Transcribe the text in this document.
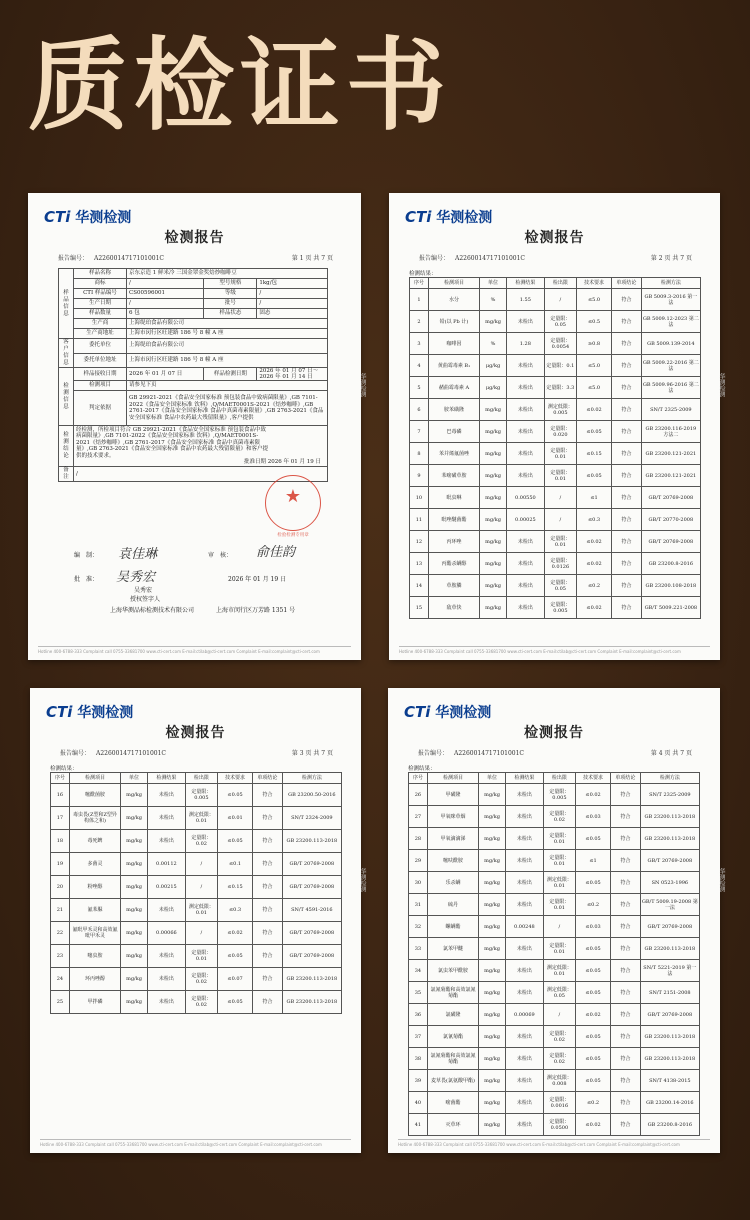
质检证书
CTi 华测检测
检测报告
报告编号： A2260014717101001C	第 1 页 共 7 页
样品信息	样品名称	京东京造 1 鲜米冷 三国金罩金奖焙炒咖啡豆		
	商标	/	型号规格	1kg/包
	CTI 样品编号	CS00596001	等级	/
	生产日期	/	批号	/
	样品数量	6 包	样品状态	固态
	生产商	上海缇珀食品有限公司		
	生产商地址	上海市闵行区旺建路 186 号 8 幢 A 座		
客户信息	委托单位	上海缇珀食品有限公司		
	委托单位地址	上海市闵行区旺建路 186 号 8 幢 A 座		
检测信息	样品接收日期	2026 年 01 月 07 日	样品检测日期	2026 年 01 月 07 日～2026 年 01 月 14 日
	检测项目	请参见下页		
	判定依据	GB 29921-2021《食品安全国家标准 预包装食品中致病菌限量》,GB 7101-2022《食品安全国家标准 饮料》,Q/MAET0001S-2021《焙炒咖啡》,GB 2761-2017《食品安全国家标准 食品中真菌毒素限量》,GB 2763-2021《食品安全国家标准 食品中农药最大残留限量》,客户提供		
检测结论	经检测，所检项目符合 GB 29921-2021《食品安全国家标准 预包装食品中致病菌限量》,GB 7101-2022《食品安全国家标准 饮料》,Q/MAET0001S-2021《焙炒咖啡》,GB 2761-2017《食品安全国家标准 食品中真菌毒素限量》,GB 2763-2021《食品安全国家标准 食品中农药最大残留限量》和客户提供的技术要求。
批准日期 2026 年 01 月 19 日			

备注	/			
★
检验检测专用章
编　制： 袁佳琳	审　核： 俞佳韵
批　准： 吴秀宏	2026 年 01 月 19 日
吴秀宏
授权签字人
上海华测品标检测技术有限公司	上海市闵行区万芳路 1351 号
华测检测
Hotline 400-6788-333 Complaint call 0755-33681700 www.cti-cert.com E-mail:ctilab@cti-cert.com Complaint E-mail:complaint@cti-cert.com
CTi 华测检测
检测报告
报告编号： A2260014717101001C	第 2 页 共 7 页
检测结果：
序号	检测项目	单位	检测结果	检出限	技术要求	单项结论	检测方法
1	水分	%	1.55	/	≤5.0	符合	GB 5009.3-2016 第一法
2	铅(以 Pb 计)	mg/kg	未检出	定量限：0.05	≤0.5	符合	GB 5009.12-2023 第二法
3	咖啡因	%	1.28	定量限：0.0054	≥0.8	符合	GB 5009.139-2014
4	黄曲霉毒素 B₁	μg/kg	未检出	定量限：0.1	≤5.0	符合	GB 5009.22-2016 第二法
5	赭曲霉毒素 A	μg/kg	未检出	定量限：3.3	≤5.0	符合	GB 5009.96-2016 第二法
6	胺苯磺隆	mg/kg	未检出	测定低限：0.005	≤0.02	符合	SN/T 2325-2009
7	巴毒磷	mg/kg	未检出	定量限：0.020	≤0.05	符合	GB 23200.116-2019 方法二
8	苯并烯氟菌唑	mg/kg	未检出	定量限：0.01	≤0.15	符合	GB 23200.121-2021
9	苯嘧磺草胺	mg/kg	未检出	定量限：0.01	≤0.05	符合	GB 23200.121-2021
10	吡虫啉	mg/kg	0.00550	/	≤1	符合	GB/T 20769-2008
11	吡唑醚菌酯	mg/kg	0.00025	/	≤0.3	符合	GB/T 20770-2008
12	丙环唑	mg/kg	未检出	定量限：0.01	≤0.02	符合	GB/T 20769-2008
13	丙酯杀螨醇	mg/kg	未检出	定量限：0.0126	≤0.02	符合	GB 23200.8-2016
14	草胺膦	mg/kg	未检出	定量限：0.05	≤0.2	符合	GB 23200.108-2018
15	敌草快	mg/kg	未检出	定量限：0.005	≤0.02	符合	GB/T 5009.221-2008
华测检测
Hotline 400-6788-333 Complaint call 0755-33681700 www.cti-cert.com E-mail:ctilab@cti-cert.com Complaint E-mail:complaint@cti-cert.com
CTi 华测检测
检测报告
报告编号： A2260014717101001C	第 3 页 共 7 页
检测结果：
序号	检测项目	单位	检测结果	检出限	技术要求	单项结论	检测方法
16	噻酰菌胺	mg/kg	未检出	定量限：0.005	≤0.05	符合	GB 23200.50-2016
17	毒虫畏(Z型和Z型异构体之和)	mg/kg	未检出	测定低限：0.01	≤0.01	符合	SN/T 2324-2009
18	毒死蜱	mg/kg	未检出	定量限：0.02	≤0.05	符合	GB 23200.113-2018
19	多菌灵	mg/kg	0.00112	/	≤0.1	符合	GB/T 20769-2008
20	粉唑醇	mg/kg	0.00215	/	≤0.15	符合	GB/T 20769-2008
21	氟苯脲	mg/kg	未检出	测定低限：0.01	≤0.3	符合	SN/T 4591-2016
22	氟吡甲禾灵和高效氟吡甲禾灵	mg/kg	0.00066	/	≤0.02	符合	GB/T 20769-2008
23	噻虫胺	mg/kg	未检出	定量限：0.01	≤0.05	符合	GB/T 20769-2008
24	环丙唑醇	mg/kg	未检出	定量限：0.02	≤0.07	符合	GB 23200.113-2018
25	甲拌磷	mg/kg	未检出	定量限：0.02	≤0.05	符合	GB 23200.113-2018
华测检测
Hotline 400-6788-333 Complaint call 0755-33681700 www.cti-cert.com E-mail:ctilab@cti-cert.com Complaint E-mail:complaint@cti-cert.com
CTi 华测检测
检测报告
报告编号： A2260014717101001C	第 4 页 共 7 页
检测结果：
序号	检测项目	单位	检测结果	检出限	技术要求	单项结论	检测方法
26	甲磺隆	mg/kg	未检出	定量限：0.005	≤0.02	符合	SN/T 2325-2009
27	甲氧咪草烟	mg/kg	未检出	定量限：0.02	≤0.03	符合	GB 23200.113-2018
28	甲氧滴滴涕	mg/kg	未检出	定量限：0.01	≤0.05	符合	GB 23200.113-2018
29	噻呋酰胺	mg/kg	未检出	定量限：0.01	≤1	符合	GB/T 20769-2008
30	乐杀螨	mg/kg	未检出	测定低限：0.01	≤0.05	符合	SN 0523-1996
31	硫丹	mg/kg	未检出	定量限：0.01	≤0.2	符合	GB/T 5009.19-2008 第一法
32	螺螨酯	mg/kg	0.00248	/	≤0.03	符合	GB/T 20769-2008
33	氯苯甲醚	mg/kg	未检出	定量限：0.01	≤0.05	符合	GB 23200.113-2018
34	氯虫苯甲酰胺	mg/kg	未检出	测定低限：0.01	≤0.05	符合	SN/T 5221-2019 第一法
35	氯氰菊酯和高效氯氰菊酯	mg/kg	未检出	测定低限：0.05	≤0.05	符合	SN/T 2151-2008
36	氯磺隆	mg/kg	0.00069	/	≤0.02	符合	GB/T 20769-2008
37	氯氰菊酯	mg/kg	未检出	定量限：0.02	≤0.05	符合	GB 23200.113-2018
38	氯氰菊酯和高效氯氰菊酯	mg/kg	未检出	定量限：0.02	≤0.05	符合	GB 23200.113-2018
39	麦草畏(氯氨酸甲酯)	mg/kg	未检出	测定低限：0.008	≤0.05	符合	SN/T 4138-2015
40	嘧菌酯	mg/kg	未检出	定量限：0.0016	≤0.2	符合	GB 23200.14-2016
41	灭草环	mg/kg	未检出	定量限：0.0500	≤0.02	符合	GB 23200.8-2016
华测检测
Hotline 400-6788-333 Complaint call 0755-33681700 www.cti-cert.com E-mail:ctilab@cti-cert.com Complaint E-mail:complaint@cti-cert.com
